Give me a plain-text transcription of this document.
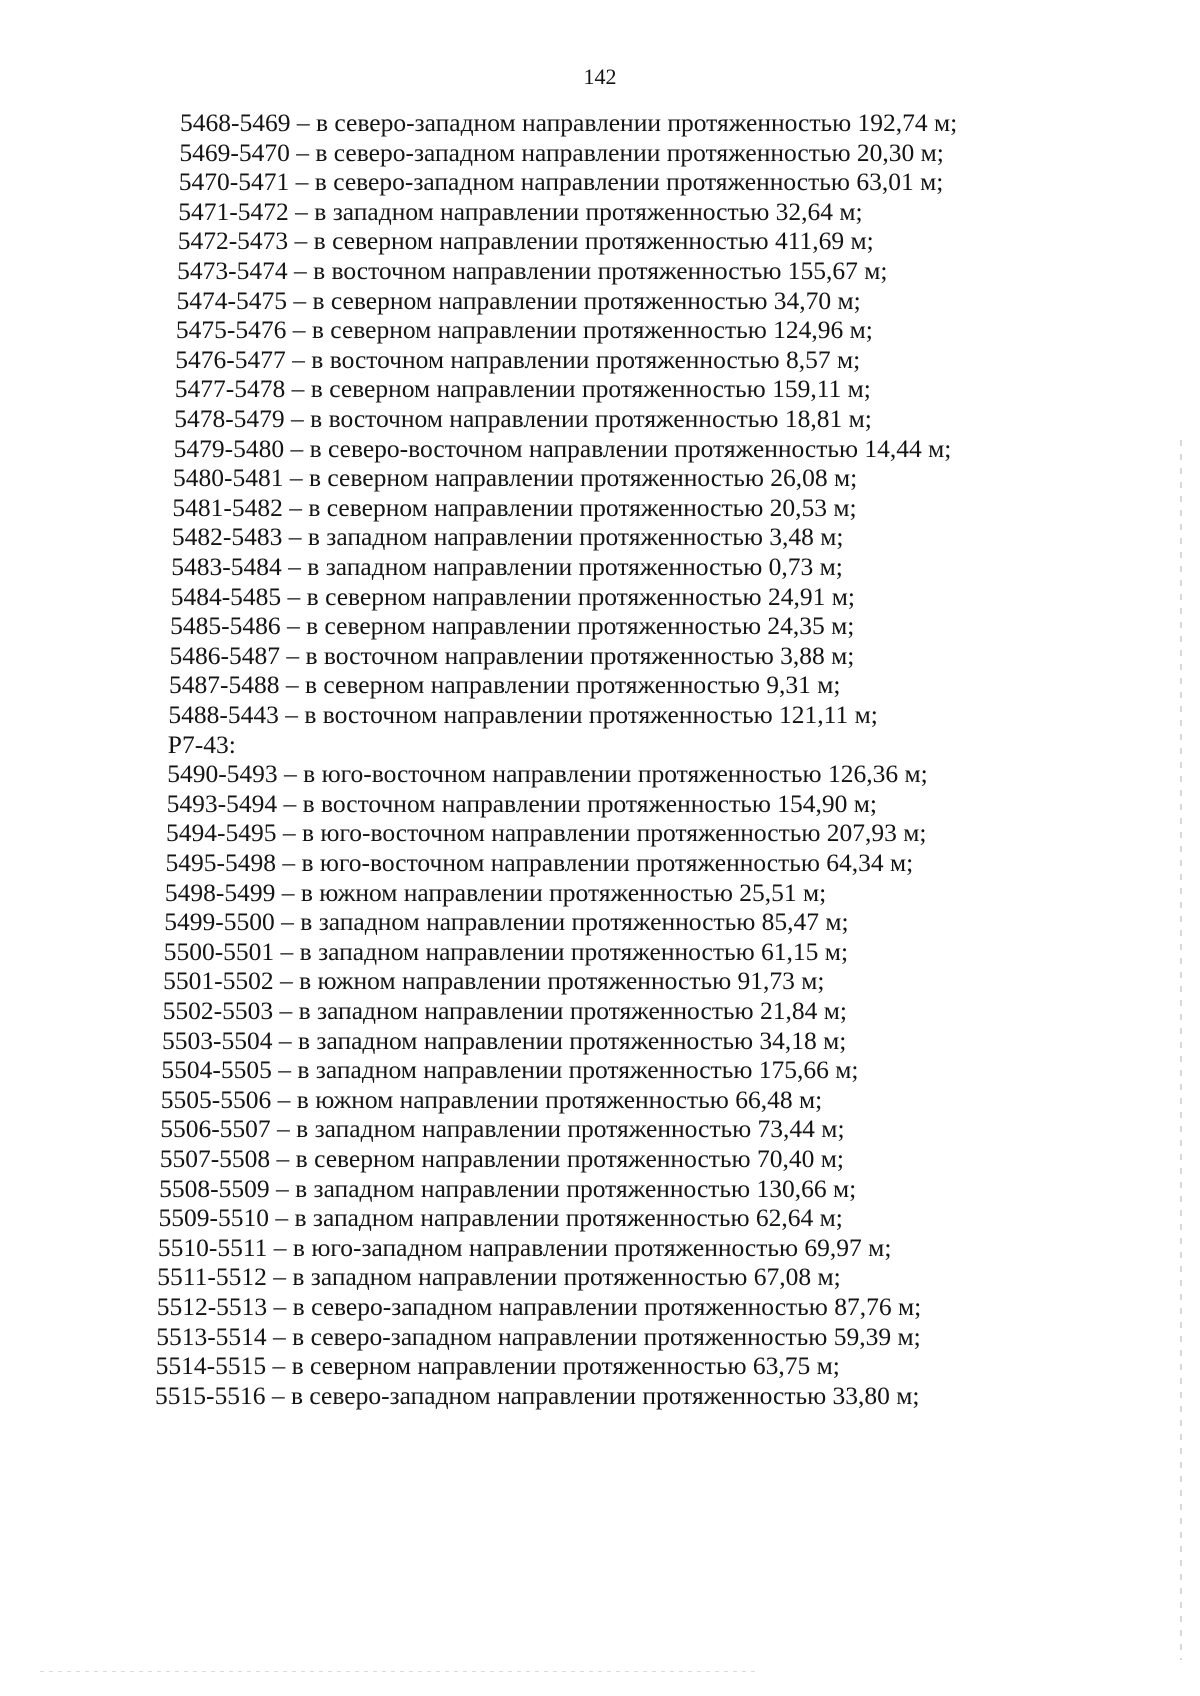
142
5468-5469 – в северо-западном направлении протяженностью 192,74 м;
5469-5470 – в северо-западном направлении протяженностью 20,30 м;
5470-5471 – в северо-западном направлении протяженностью 63,01 м;
5471-5472 – в западном направлении протяженностью 32,64 м;
5472-5473 – в северном направлении протяженностью 411,69 м;
5473-5474 – в восточном направлении протяженностью 155,67 м;
5474-5475 – в северном направлении протяженностью 34,70 м;
5475-5476 – в северном направлении протяженностью 124,96 м;
5476-5477 – в восточном направлении протяженностью 8,57 м;
5477-5478 – в северном направлении протяженностью 159,11 м;
5478-5479 – в восточном направлении протяженностью 18,81 м;
5479-5480 – в северо-восточном направлении протяженностью 14,44 м;
5480-5481 – в северном направлении протяженностью 26,08 м;
5481-5482 – в северном направлении протяженностью 20,53 м;
5482-5483 – в западном направлении протяженностью 3,48 м;
5483-5484 – в западном направлении протяженностью 0,73 м;
5484-5485 – в северном направлении протяженностью 24,91 м;
5485-5486 – в северном направлении протяженностью 24,35 м;
5486-5487 – в восточном направлении протяженностью 3,88 м;
5487-5488 – в северном направлении протяженностью 9,31 м;
5488-5443 – в восточном направлении протяженностью 121,11 м;
Р7-43:
5490-5493 – в юго-восточном направлении протяженностью 126,36 м;
5493-5494 – в восточном направлении протяженностью 154,90 м;
5494-5495 – в юго-восточном направлении протяженностью 207,93 м;
5495-5498 – в юго-восточном направлении протяженностью 64,34 м;
5498-5499 – в южном направлении протяженностью 25,51 м;
5499-5500 – в западном направлении протяженностью 85,47 м;
5500-5501 – в западном направлении протяженностью 61,15 м;
5501-5502 – в южном направлении протяженностью 91,73 м;
5502-5503 – в западном направлении протяженностью 21,84 м;
5503-5504 – в западном направлении протяженностью 34,18 м;
5504-5505 – в западном направлении протяженностью 175,66 м;
5505-5506 – в южном направлении протяженностью 66,48 м;
5506-5507 – в западном направлении протяженностью 73,44 м;
5507-5508 – в северном направлении протяженностью 70,40 м;
5508-5509 – в западном направлении протяженностью 130,66 м;
5509-5510 – в западном направлении протяженностью 62,64 м;
5510-5511 – в юго-западном направлении протяженностью 69,97 м;
5511-5512 – в западном направлении протяженностью 67,08 м;
5512-5513 – в северо-западном направлении протяженностью 87,76 м;
5513-5514 – в северо-западном направлении протяженностью 59,39 м;
5514-5515 – в северном направлении протяженностью 63,75 м;
5515-5516 – в северо-западном направлении протяженностью 33,80 м;
